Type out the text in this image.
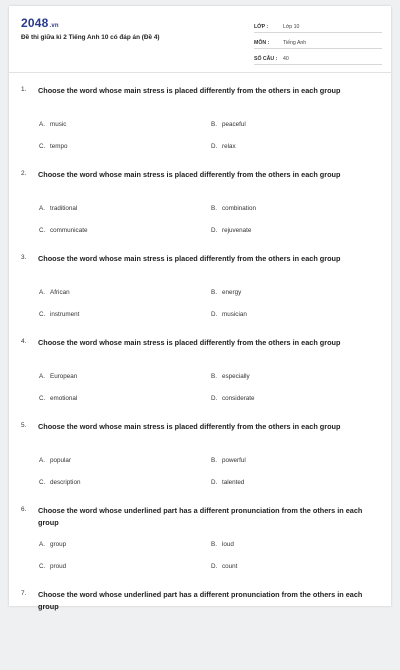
2048.vn
Đề thi giữa kì 2 Tiếng Anh 10 có đáp án (Đề 4)
LỚP :	Lớp 10
MÔN :	Tiếng Anh
SỐ CÂU :	40
1. Choose the word whose main stress is placed differently from the others in each group
A. music	B. peaceful
C. tempo	D. relax
2. Choose the word whose main stress is placed differently from the others in each group
A. traditional	B. combination
C. communicate	D. rejuvenate
3. Choose the word whose main stress is placed differently from the others in each group
A. African	B. energy
C. instrument	D. musician
4. Choose the word whose main stress is placed differently from the others in each group
A. European	B. especially
C. emotional	D. considerate
5. Choose the word whose main stress is placed differently from the others in each group
A. popular	B. powerful
C. description	D. talented
6. Choose the word whose underlined part has a different pronunciation from the others in each group
A. group	B. loud
C. proud	D. count
7. Choose the word whose underlined part has a different pronunciation from the others in each group
